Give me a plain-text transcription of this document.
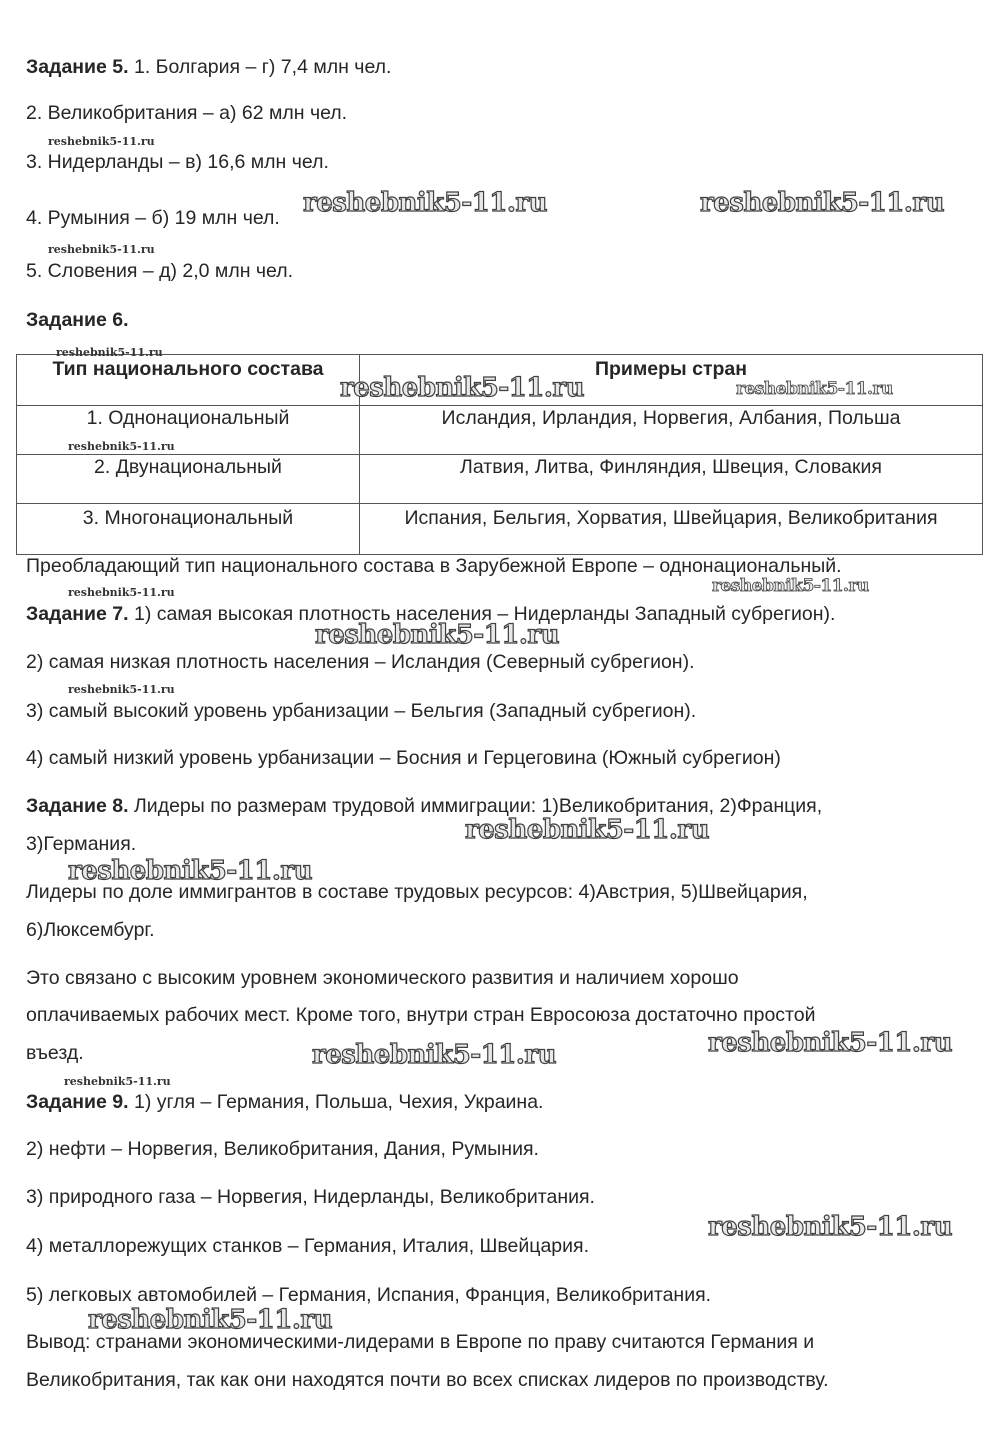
Задание 5. 1. Болгария – г) 7,4 млн чел.

2. Великобритания – а) 62 млн чел.

3. Нидерланды – в) 16,6 млн чел.

4. Румыния – б) 19 млн чел.

5. Словения – д) 2,0 млн чел.

Задание 6.

Тип национального состава	Примеры стран
1. Однонациональный	Исландия, Ирландия, Норвегия, Албания, Польша
2. Двунациональный	Латвия, Литва, Финляндия, Швеция, Словакия
3. Многонациональный	Испания, Бельгия, Хорватия, Швейцария, Великобритания

Преобладающий тип национального состава в Зарубежной Европе – однонациональный.

Задание 7. 1) самая высокая плотность населения – Нидерланды Западный субрегион).

2) самая низкая плотность населения – Исландия (Северный субрегион).

3) самый высокий уровень урбанизации – Бельгия (Западный субрегион).

4) самый низкий уровень урбанизации – Босния и Герцеговина (Южный субрегион)

Задание 8. Лидеры по размерам трудовой иммиграции: 1)Великобритания, 2)Франция,

3)Германия.

Лидеры по доле иммигрантов в составе трудовых ресурсов: 4)Австрия, 5)Швейцария,

6)Люксембург.

Это связано с высоким уровнем экономического развития и наличием хорошо

оплачиваемых рабочих мест. Кроме того, внутри стран Евросоюза достаточно простой

въезд.

Задание 9. 1) угля – Германия, Польша, Чехия, Украина.

2) нефти – Норвегия, Великобритания, Дания, Румыния.

3) природного газа – Норвегия, Нидерланды, Великобритания.

4) металлорежущих станков – Германия, Италия, Швейцария.

5) легковых автомобилей – Германия, Испания, Франция, Великобритания.

Вывод: странами экономическими-лидерами в Европе по праву считаются Германия и

Великобритания, так как они находятся почти во всех списках лидеров по производству.

reshebnik5-11.ru	reshebnik5-11.ru
reshebnik5-11.ru
reshebnik5-11.ru
reshebnik5-11.ru
reshebnik5-11.ru
reshebnik5-11.ru	reshebnik5-11.ru
reshebnik5-11.ru
reshebnik5-11.ru
reshebnik5-11.ru
reshebnik5-11.ru
reshebnik5-11.ru
reshebnik5-11.ru
reshebnik5-11.ru
reshebnik5-11.ru	reshebnik5-11.ru
reshebnik5-11.ru
reshebnik5-11.ru
